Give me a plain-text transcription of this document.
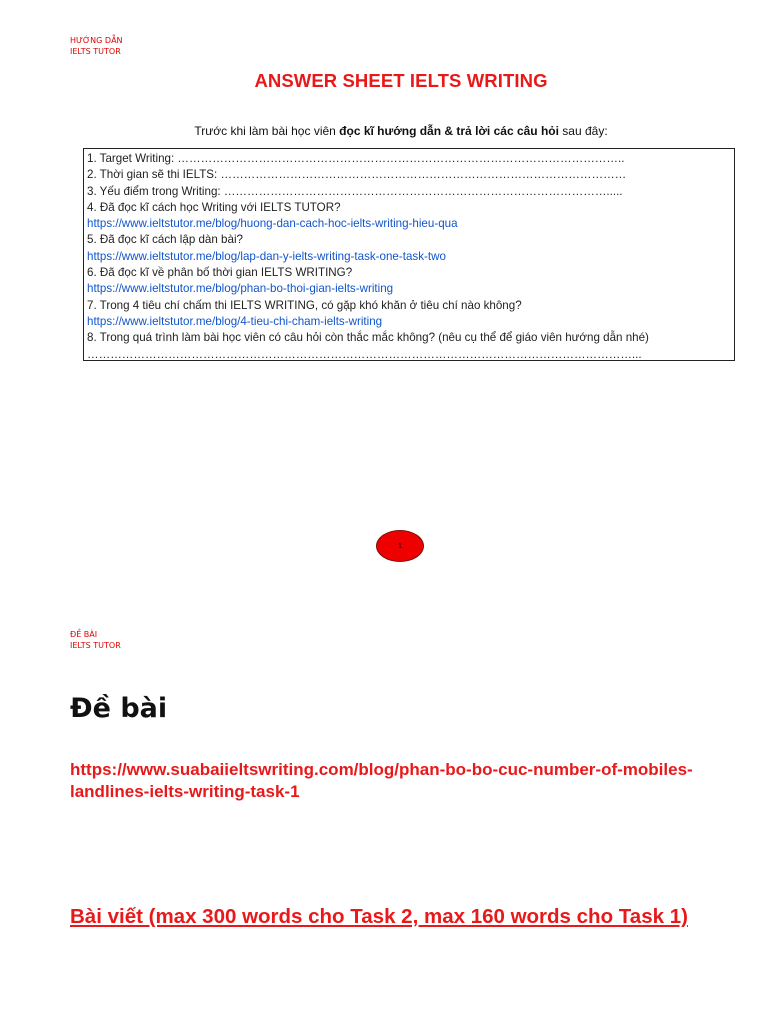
HƯỚNG DẪN
IELTS TUTOR
ANSWER SHEET IELTS WRITING
Trước khi làm bài học viên đọc kĩ hướng dẫn & trả lời các câu hỏi sau đây:
1. Target Writing: ……………………………………………………………………………………………………..
2. Thời gian sẽ thi IELTS: ……………………………………………………………………………………………
3. Yếu điểm trong Writing: ……………………………………………………………………………………….....
4. Đã đọc kĩ cách học Writing với IELTS TUTOR?
https://www.ieltstutor.me/blog/huong-dan-cach-hoc-ielts-writing-hieu-qua
5. Đã đọc kĩ cách lập dàn bài?
https://www.ieltstutor.me/blog/lap-dan-y-ielts-writing-task-one-task-two
6. Đã đọc kĩ về phân bố thời gian IELTS WRITING?
https://www.ieltstutor.me/blog/phan-bo-thoi-gian-ielts-writing
7. Trong 4 tiêu chí chấm thi IELTS WRITING, có gặp khó khăn ở tiêu chí nào không?
https://www.ieltstutor.me/blog/4-tieu-chi-cham-ielts-writing
8. Trong quá trình làm bài học viên có câu hỏi còn thắc mắc không? (nêu cụ thể để giáo viên hướng dẫn nhé)
……………………………………………………………………………………………………………………………...
1
ĐỀ BÀI
IELTS TUTOR
Đề bài
https://www.suabaiieltswriting.com/blog/phan-bo-bo-cuc-number-of-mobiles-landlines-ielts-writing-task-1
Bài viết (max 300 words cho Task 2, max 160 words cho Task 1)
